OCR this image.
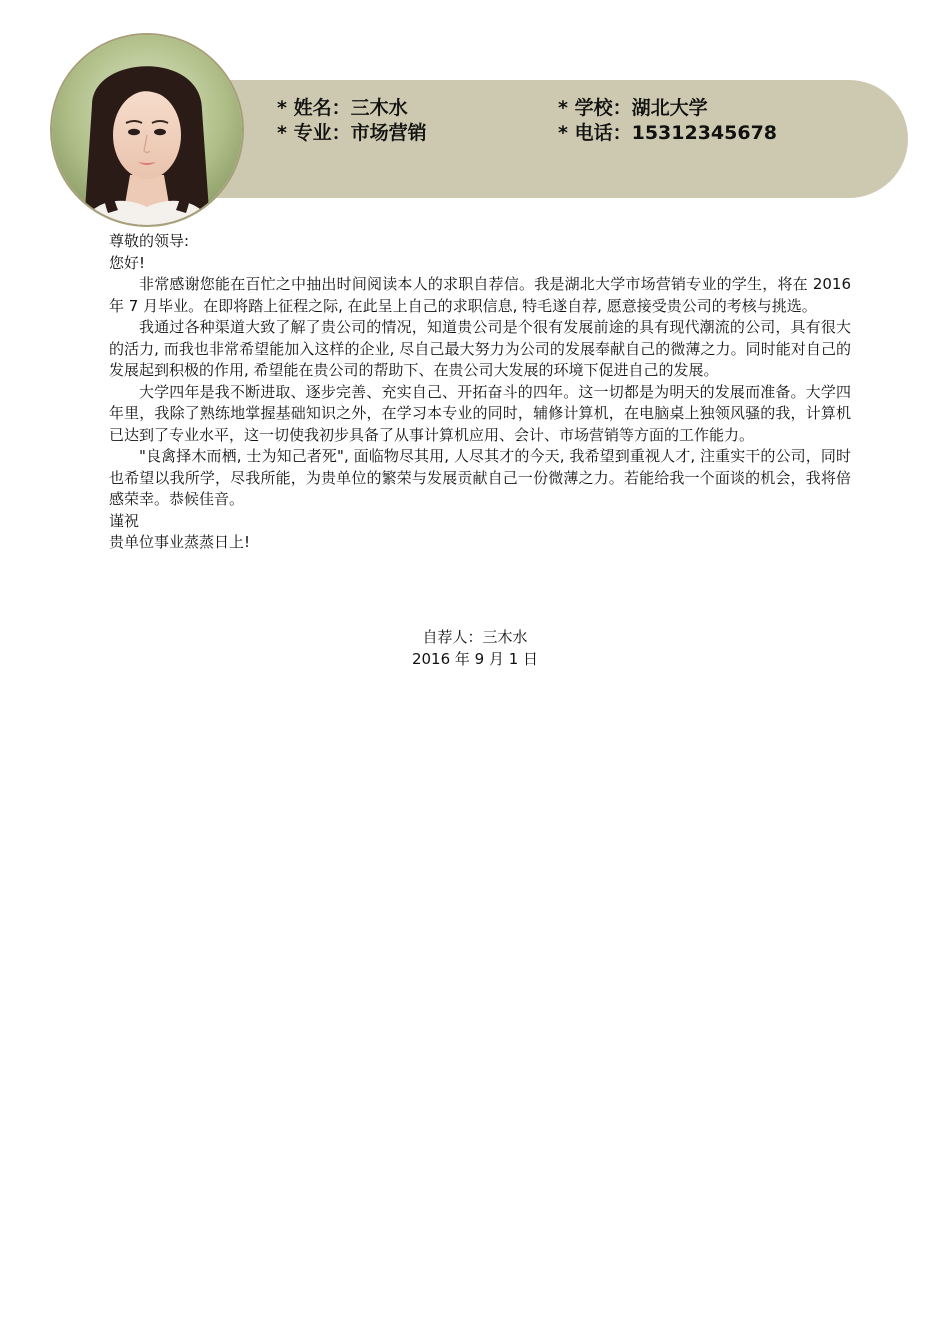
* 姓名 ： 三木水
* 专业 ： 市场营销
* 学校 ： 湖北大学
* 电话 ： 15312345678

尊敬的领导:

您好!

非常感谢您能在百忙之中抽出时间阅读本人的求职自荐信。我是湖北大学市场营销专业的学生，将在 2016 年 7 月毕业。在即将踏上征程之际, 在此呈上自己的求职信息, 特毛遂自荐, 愿意接受贵公司的考核与挑选。

我通过各种渠道大致了解了贵公司的情况，知道贵公司是个很有发展前途的具有现代潮流的公司，具有很大的活力, 而我也非常希望能加入这样的企业, 尽自己最大努力为公司的发展奉献自己的微薄之力。同时能对自己的发展起到积极的作用, 希望能在贵公司的帮助下、在贵公司大发展的环境下促进自己的发展。

大学四年是我不断进取、逐步完善、充实自己、开拓奋斗的四年。这一切都是为明天的发展而准备。大学四年里，我除了熟练地掌握基础知识之外，在学习本专业的同时，辅修计算机，在电脑桌上独领风骚的我，计算机已达到了专业水平，这一切使我初步具备了从事计算机应用、会计、市场营销等方面的工作能力。

"良禽择木而栖, 士为知己者死", 面临物尽其用, 人尽其才的今天, 我希望到重视人才, 注重实干的公司，同时也希望以我所学，尽我所能，为贵单位的繁荣与发展贡献自己一份微薄之力。若能给我一个面谈的机会，我将倍感荣幸。恭候佳音。

谨祝

贵单位事业蒸蒸日上!

自荐人：三木水
2016 年 9 月 1 日
